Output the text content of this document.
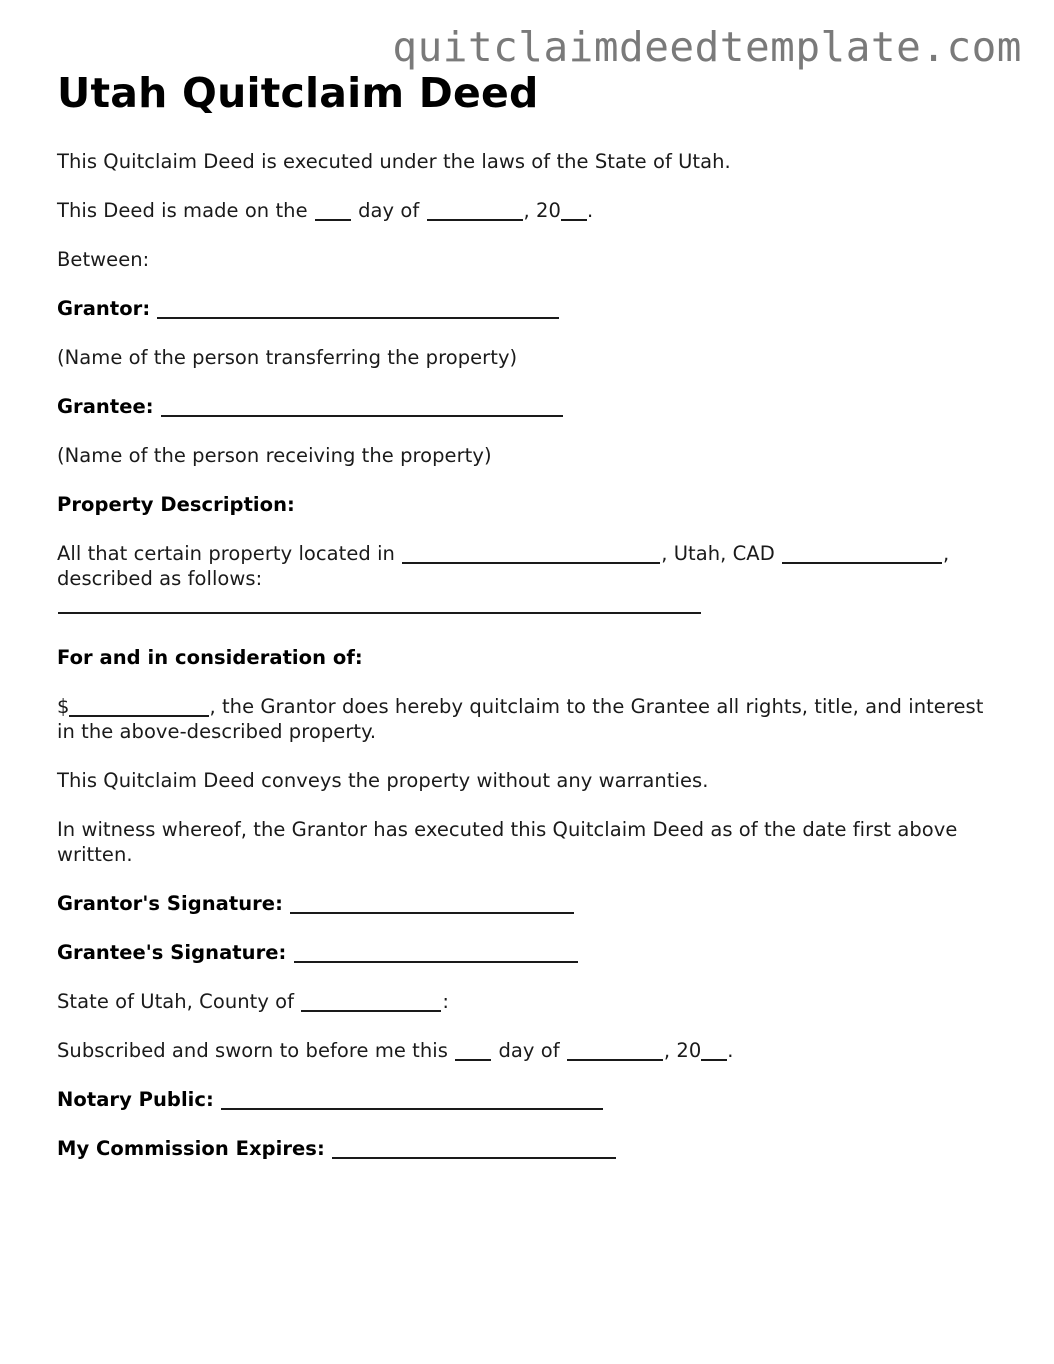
quitclaimdeedtemplate.com
Utah Quitclaim Deed

This Quitclaim Deed is executed under the laws of the State of Utah.

This Deed is made on the	day of	, 20 .

Between:

Grantor:

(Name of the person transferring the property)

Grantee:

(Name of the person receiving the property)

Property Description:

All that certain property located in	, Utah, CAD	, described as follows:

For and in consideration of:

$	, the Grantor does hereby quitclaim to the Grantee all rights, title, and interest in the above-described property.

This Quitclaim Deed conveys the property without any warranties.

In witness whereof, the Grantor has executed this Quitclaim Deed as of the date first above written.

Grantor's Signature:

Grantee's Signature:

State of Utah, County of	:

Subscribed and sworn to before me this	day of	, 20 .

Notary Public:

My Commission Expires:
